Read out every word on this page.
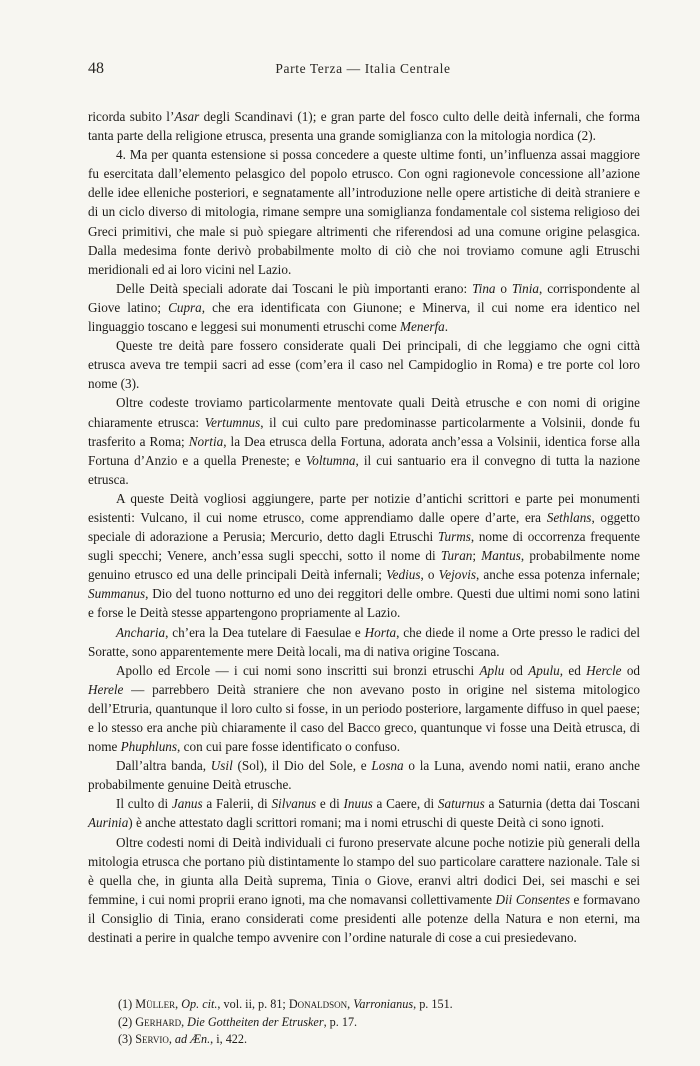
48	Parte Terza — Italia Centrale

ricorda subito l’Asar degli Scandinavi (1); e gran parte del fosco culto delle deità infernali, che forma tanta parte della religione etrusca, presenta una grande somiglianza con la mitologia nordica (2).

4. Ma per quanta estensione si possa concedere a queste ultime fonti, un’influenza assai maggiore fu esercitata dall’elemento pelasgico del popolo etrusco. Con ogni ragionevole concessione all’azione delle idee elleniche posteriori, e segnatamente all’introduzione nelle opere artistiche di deità straniere e di un ciclo diverso di mitologia, rimane sempre una somiglianza fondamentale col sistema religioso dei Greci primitivi, che male si può spiegare altrimenti che riferendosi ad una comune origine pelasgica. Dalla medesima fonte derivò probabilmente molto di ciò che noi troviamo comune agli Etruschi meridionali ed ai loro vicini nel Lazio.

Delle Deità speciali adorate dai Toscani le più importanti erano: Tina o Tinia, corrispondente al Giove latino; Cupra, che era identificata con Giunone; e Minerva, il cui nome era identico nel linguaggio toscano e leggesi sui monumenti etruschi come Menerfa.

Queste tre deità pare fossero considerate quali Dei principali, di che leggiamo che ogni città etrusca aveva tre tempii sacri ad esse (com’era il caso nel Campidoglio in Roma) e tre porte col loro nome (3).

Oltre codeste troviamo particolarmente mentovate quali Deità etrusche e con nomi di origine chiaramente etrusca: Vertumnus, il cui culto pare predominasse particolarmente a Volsinii, donde fu trasferito a Roma; Nortia, la Dea etrusca della Fortuna, adorata anch’essa a Volsinii, identica forse alla Fortuna d’Anzio e a quella Preneste; e Voltumna, il cui santuario era il convegno di tutta la nazione etrusca.

A queste Deità vogliosi aggiungere, parte per notizie d’antichi scrittori e parte pei monumenti esistenti: Vulcano, il cui nome etrusco, come apprendiamo dalle opere d’arte, era Sethlans, oggetto speciale di adorazione a Perusia; Mercurio, detto dagli Etruschi Turms, nome di occorrenza frequente sugli specchi; Venere, anch’essa sugli specchi, sotto il nome di Turan; Mantus, probabilmente nome genuino etrusco ed una delle principali Deità infernali; Vedius, o Vejovis, anche essa potenza infernale; Summanus, Dio del tuono notturno ed uno dei reggitori delle ombre. Questi due ultimi nomi sono latini e forse le Deità stesse appartengono propriamente al Lazio.

Ancharia, ch’era la Dea tutelare di Faesulae e Horta, che diede il nome a Orte presso le radici del Soratte, sono apparentemente mere Deità locali, ma di nativa origine Toscana.

Apollo ed Ercole — i cui nomi sono inscritti sui bronzi etruschi Aplu od Apulu, ed Hercle od Herele — parrebbero Deità straniere che non avevano posto in origine nel sistema mitologico dell’Etruria, quantunque il loro culto si fosse, in un periodo posteriore, largamente diffuso in quel paese; e lo stesso era anche più chiaramente il caso del Bacco greco, quantunque vi fosse una Deità etrusca, di nome Phuphluns, con cui pare fosse identificato o confuso.

Dall’altra banda, Usil (Sol), il Dio del Sole, e Losna o la Luna, avendo nomi natii, erano anche probabilmente genuine Deità etrusche.

Il culto di Janus a Falerii, di Silvanus e di Inuus a Caere, di Saturnus a Saturnia (detta dai Toscani Aurinia) è anche attestato dagli scrittori romani; ma i nomi etruschi di queste Deità ci sono ignoti.

Oltre codesti nomi di Deità individuali ci furono preservate alcune poche notizie più generali della mitologia etrusca che portano più distintamente lo stampo del suo particolare carattere nazionale. Tale si è quella che, in giunta alla Deità suprema, Tinia o Giove, eranvi altri dodici Dei, sei maschi e sei femmine, i cui nomi proprii erano ignoti, ma che nomavansi collettivamente Dii Consentes e formavano il Consiglio di Tinia, erano considerati come presidenti alle potenze della Natura e non eterni, ma destinati a perire in qualche tempo avvenire con l’ordine naturale di cose a cui presiedevano.

(1) Müller, Op. cit., vol. ii, p. 81; Donaldson, Varronianus, p. 151.
(2) Gerhard, Die Gottheiten der Etrusker, p. 17.
(3) Servio, ad Æn., i, 422.
